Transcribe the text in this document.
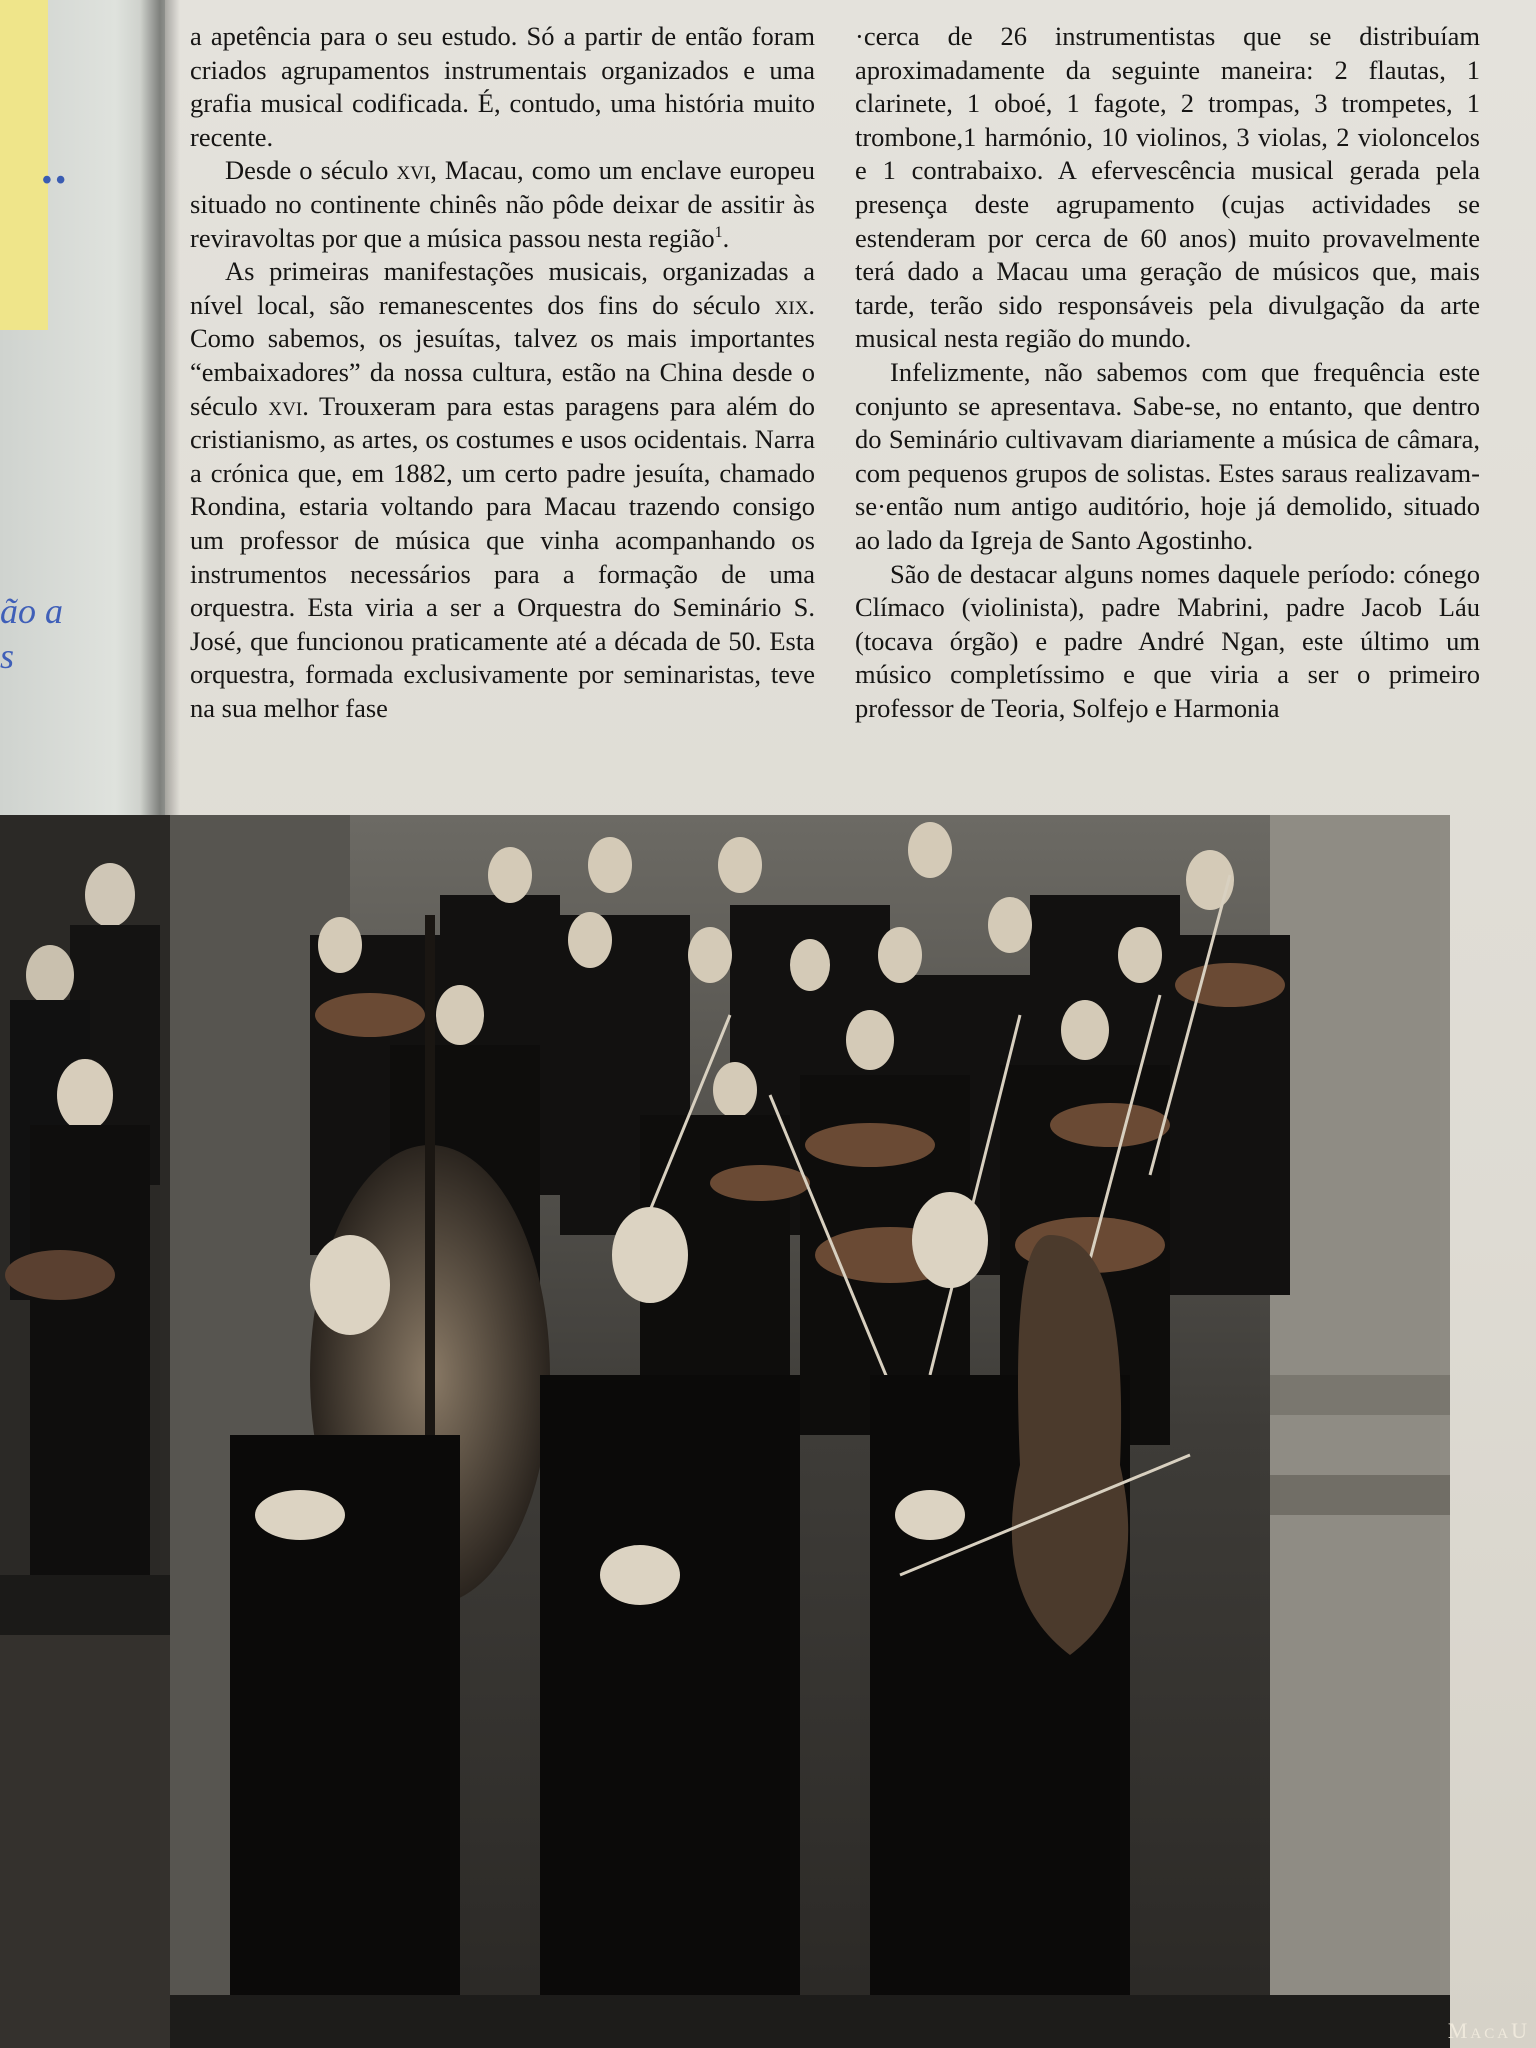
••
ão a
s

a apetência para o seu estudo. Só a partir de então foram criados agrupamentos instrumentais organizados e uma grafia musical codificada. É, contudo, uma história muito recente.

Desde o século xvi, Macau, como um enclave europeu situado no continente chinês não pôde deixar de assitir às reviravoltas por que a música passou nesta região$^1$.

As primeiras manifestações musicais, organizadas a nível local, são remanescentes dos fins do século xix. Como sabemos, os jesuítas, talvez os mais importantes “embaixadores” da nossa cultura, estão na China desde o século xvi. Trouxeram para estas paragens para além do cristianismo, as artes, os costumes e usos ocidentais. Narra a crónica que, em 1882, um certo padre jesuíta, chamado Rondina, estaria voltando para Macau trazendo consigo um professor de música que vinha acompanhando os instrumentos necessários para a formação de uma orquestra. Esta viria a ser a Orquestra do Seminário S. José, que funcionou praticamente até a década de 50. Esta orquestra, formada exclusivamente por seminaristas, teve na sua melhor fase

·cerca de 26 instrumentistas que se distribuíam aproximadamente da seguinte maneira: 2 flautas, 1 clarinete, 1 oboé, 1 fagote, 2 trompas, 3 trompetes, 1 trombone,1 harmónio, 10 violinos, 3 violas, 2 violoncelos e 1 contrabaixo. A efervescência musical gerada pela presença deste agrupamento (cujas actividades se estenderam por cerca de 60 anos) muito provavelmente terá dado a Macau uma geração de músicos que, mais tarde, terão sido responsáveis pela divulgação da arte musical nesta região do mundo.

Infelizmente, não sabemos com que frequência este conjunto se apresentava. Sabe-se, no entanto, que dentro do Seminário cultivavam diariamente a música de câmara, com pequenos grupos de solistas. Estes saraus realizavam-se·então num antigo auditório, hoje já demolido, situado ao lado da Igreja de Santo Agostinho.

São de destacar alguns nomes daquele período: cónego Clímaco (violinista), padre Mabrini, padre Jacob Láu (tocava órgão) e padre André Ngan, este último um músico completíssimo e que viria a ser o primeiro professor de Teoria, Solfejo e Harmonia

MacaU
